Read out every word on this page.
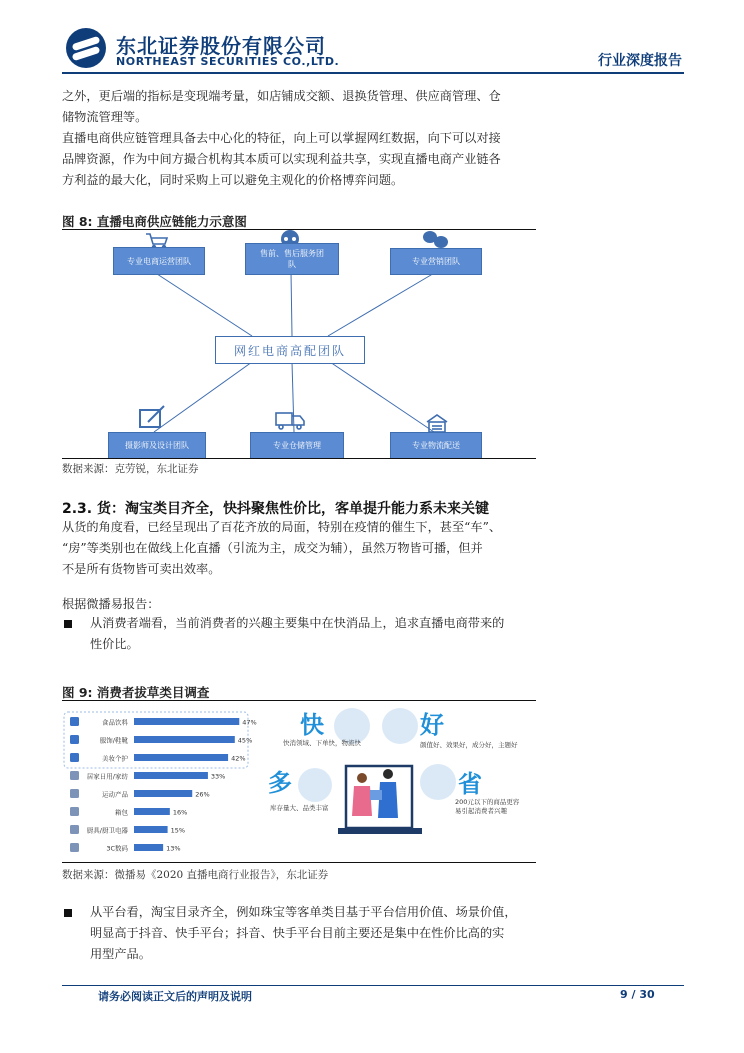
东北证券股份有限公司
NORTHEAST SECURITIES CO.,LTD.	行业深度报告
之外，更后端的指标是变现端考量，如店铺成交额、退换货管理、供应商管理、仓
储物流管理等。
直播电商供应链管理具备去中心化的特征，向上可以掌握网红数据，向下可以对接
品牌资源，作为中间方撮合机构其本质可以实现利益共享，实现直播电商产业链各
方利益的最大化，同时采购上可以避免主观化的价格博弈问题。
图 8: 直播电商供应链能力示意图
专业电商运营团队
售前、售后服务团队	专业营销团队
网红电商高配团队
摄影师及设计团队	专业仓储管理	专业物流配送
数据来源：克劳锐，东北证券
2.3. 货：淘宝类目齐全，快抖聚焦性价比，客单提升能力系未来关键
从货的角度看，已经呈现出了百花齐放的局面，特别在疫情的催生下，甚至“车”、
“房”等类别也在做线上化直播（引流为主，成交为辅），虽然万物皆可播，但并
不是所有货物皆可卖出效率。
根据微播易报告：
从消费者端看，当前消费者的兴趣主要集中在快消品上，追求直播电商带来的
性价比。
图 9: 消费者拔草类目调查
食品饮料	47%
服饰/鞋靴	45%
美妆个护	42%
居家日用/家纺	33%
运动产品	26%
箱包	16%
厨具/厨卫电器	15%
3C数码	13%
快
快消领域、下单快，物流快
好
颜值好、效果好，成分好，主题好
多
库存量大、品类丰富
省
200元以下的商品更容
易引起消费者兴趣
数据来源：微播易《2020 直播电商行业报告》，东北证券
从平台看，淘宝目录齐全，例如珠宝等客单类目基于平台信用价值、场景价值，
明显高于抖音、快手平台；抖音、快手平台目前主要还是集中在性价比高的实
用型产品。
请务必阅读正文后的声明及说明	9 / 30
